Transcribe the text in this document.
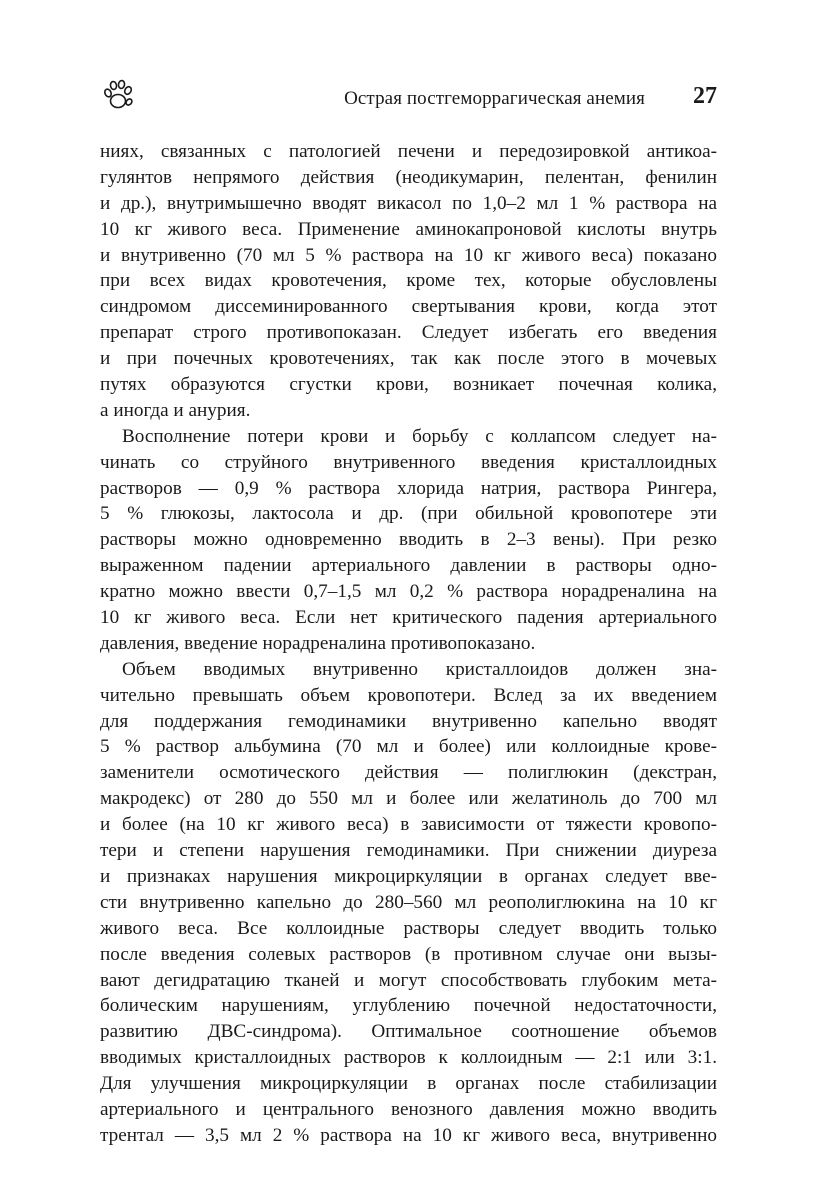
Острая постгеморрагическая анемия 27
ниях, связанных с патологией печени и передозировкой антикоа-
гулянтов непрямого действия (неодикумарин, пелентан, фенилин
и др.), внутримышечно вводят викасол по 1,0–2 мл 1 % раствора на
10 кг живого веса. Применение аминокапроновой кислоты внутрь
и внутривенно (70 мл 5 % раствора на 10 кг живого веса) показано
при всех видах кровотечения, кроме тех, которые обусловлены
синдромом диссеминированного свертывания крови, когда этот
препарат строго противопоказан. Следует избегать его введения
и при почечных кровотечениях, так как после этого в мочевых
путях образуются сгустки крови, возникает почечная колика,
а иногда и анурия.
Восполнение потери крови и борьбу с коллапсом следует на-
чинать со струйного внутривенного введения кристаллоидных
растворов — 0,9 % раствора хлорида натрия, раствора Рингера,
5 % глюкозы, лактосола и др. (при обильной кровопотере эти
растворы можно одновременно вводить в 2–3 вены). При резко
выраженном падении артериального давлении в растворы одно-
кратно можно ввести 0,7–1,5 мл 0,2 % раствора норадреналина на
10 кг живого веса. Если нет критического падения артериального
давления, введение норадреналина противопоказано.
Объем вводимых внутривенно кристаллоидов должен зна-
чительно превышать объем кровопотери. Вслед за их введением
для поддержания гемодинамики внутривенно капельно вводят
5 % раствор альбумина (70 мл и более) или коллоидные крове-
заменители осмотического действия — полиглюкин (декстран,
макродекс) от 280 до 550 мл и более или желатиноль до 700 мл
и более (на 10 кг живого веса) в зависимости от тяжести кровопо-
тери и степени нарушения гемодинамики. При снижении диуреза
и признаках нарушения микроциркуляции в органах следует вве-
сти внутривенно капельно до 280–560 мл реополиглюкина на 10 кг
живого веса. Все коллоидные растворы следует вводить только
после введения солевых растворов (в противном случае они вызы-
вают дегидратацию тканей и могут способствовать глубоким мета-
болическим нарушениям, углублению почечной недостаточности,
развитию ДВС-синдрома). Оптимальное соотношение объемов
вводимых кристаллоидных растворов к коллоидным — 2:1 или 3:1.
Для улучшения микроциркуляции в органах после стабилизации
артериального и центрального венозного давления можно вводить
трентал — 3,5 мл 2 % раствора на 10 кг живого веса, внутривенно
